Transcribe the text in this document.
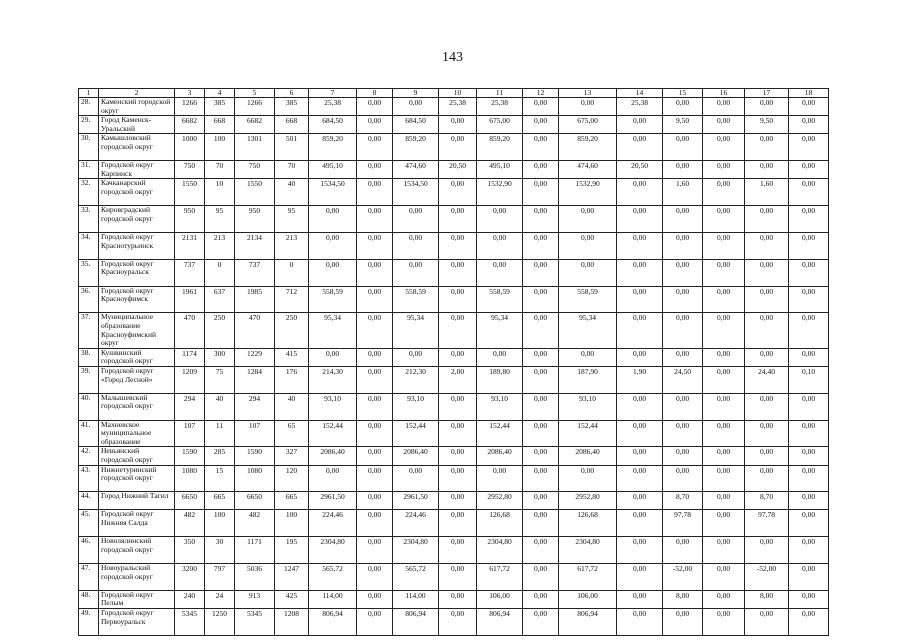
143
1	2	3	4	5	6	7	8	9	10	11	12	13	14	15	16	17	18
28.	Каменский городской округ	1266	385	1266	385	25,38	0,00	0,00	25,38	25,38	0,00	0,00	25,38	0,00	0,00	0,00	0,00
29.	Город Каменск-Уральский	6682	668	6682	668	684,50	0,00	684,50	0,00	675,00	0,00	675,00	0,00	9,50	0,00	9,50	0,00
30.	Камышловский городской округ	1000	100	1301	501	859,20	0,00	859,20	0,00	859,20	0,00	859,20	0,00	0,00	0,00	0,00	0,00
31.	Городской округ Карпинск	750	70	750	70	495,10	0,00	474,60	20,50	495,10	0,00	474,60	20,50	0,00	0,00	0,00	0,00
32.	Качканарский городской округ	1550	10	1550	40	1534,50	0,00	1534,50	0,00	1532,90	0,00	1532,90	0,00	1,60	0,00	1,60	0,00
33.	Кировградский городской округ	950	95	950	95	0,00	0,00	0,00	0,00	0,00	0,00	0,00	0,00	0,00	0,00	0,00	0,00
34.	Городской округ Краснотурьинск	2131	213	2134	213	0,00	0,00	0,00	0,00	0,00	0,00	0,00	0,00	0,00	0,00	0,00	0,00
35.	Городской округ Красноуральск	737	0	737	0	0,00	0,00	0,00	0,00	0,00	0,00	0,00	0,00	0,00	0,00	0,00	0,00
36.	Городской округ Красноуфимск	1961	637	1985	712	558,59	0,00	558,59	0,00	558,59	0,00	558,59	0,00	0,00	0,00	0,00	0,00
37.	Муниципальное образование Красноуфимский округ	470	250	470	250	95,34	0,00	95,34	0,00	95,34	0,00	95,34	0,00	0,00	0,00	0,00	0,00
38.	Кушвинский городской округ	1174	300	1229	415	0,00	0,00	0,00	0,00	0,00	0,00	0,00	0,00	0,00	0,00	0,00	0,00
39.	Городской округ «Город Лесной»	1209	75	1284	176	214,30	0,00	212,30	2,00	189,80	0,00	187,90	1,90	24,50	0,00	24,40	0,10
40.	Малышевский городской округ	294	40	294	40	93,10	0,00	93,10	0,00	93,10	0,00	93,10	0,00	0,00	0,00	0,00	0,00
41.	Махневское муниципальное образование	107	11	107	65	152,44	0,00	152,44	0,00	152,44	0,00	152,44	0,00	0,00	0,00	0,00	0,00
42.	Невьянский городской округ	1590	285	1590	327	2086,40	0,00	2086,40	0,00	2086,40	0,00	2086,40	0,00	0,00	0,00	0,00	0,00
43.	Нижнетуринский городской округ	1080	15	1080	120	0,00	0,00	0,00	0,00	0,00	0,00	0,00	0,00	0,00	0,00	0,00	0,00
44.	Город Нижний Тагил	6650	665	6650	665	2961,50	0,00	2961,50	0,00	2952,80	0,00	2952,80	0,00	8,70	0,00	8,70	0,00
45.	Городской округ Нижняя Салда	482	100	482	100	224,46	0,00	224,46	0,00	126,68	0,00	126,68	0,00	97,78	0,00	97,78	0,00
46.	Новолялинский городской округ	350	30	1171	195	2304,80	0,00	2304,80	0,00	2304,80	0,00	2304,80	0,00	0,00	0,00	0,00	0,00
47.	Новоуральский городской округ	3200	797	5036	1247	565,72	0,00	565,72	0,00	617,72	0,00	617,72	0,00	-52,00	0,00	-52,00	0,00
48.	Городской округ Пелым	240	24	913	425	114,00	0,00	114,00	0,00	106,00	0,00	106,00	0,00	8,00	0,00	8,00	0,00
49.	Городской округ Первоуральск	5345	1250	5345	1208	806,94	0,00	806,94	0,00	806,94	0,00	806,94	0,00	0,00	0,00	0,00	0,00
